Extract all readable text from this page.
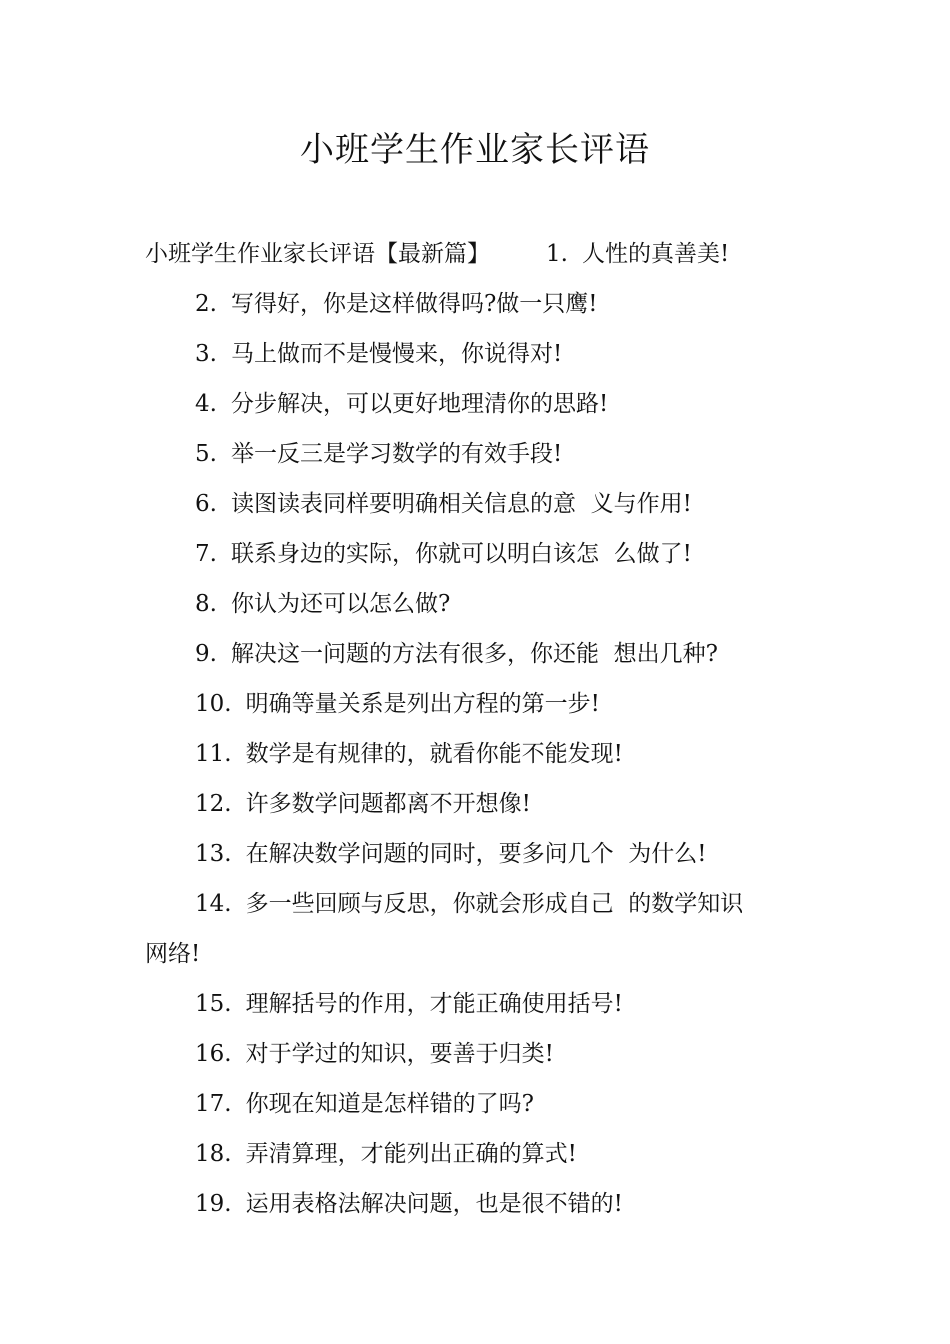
小班学生作业家长评语
小班学生作业家长评语【最新篇】 1. 人性的真善美!
2. 写得好，你是这样做得吗?做一只鹰!
3. 马上做而不是慢慢来，你说得对!
4. 分步解决，可以更好地理清你的思路!
5. 举一反三是学习数学的有效手段!
6. 读图读表同样要明确相关信息的意  义与作用!
7. 联系身边的实际，你就可以明白该怎  么做了!
8. 你认为还可以怎么做?
9. 解决这一问题的方法有很多，你还能  想出几种?
10. 明确等量关系是列出方程的第一步!
11. 数学是有规律的，就看你能不能发现!
12. 许多数学问题都离不开想像!
13. 在解决数学问题的同时，要多问几个  为什么!
14. 多一些回顾与反思，你就会形成自己  的数学知识
网络!
15. 理解括号的作用，才能正确使用括号!
16. 对于学过的知识，要善于归类!
17. 你现在知道是怎样错的了吗?
18. 弄清算理，才能列出正确的算式!
19. 运用表格法解决问题，也是很不错的!
